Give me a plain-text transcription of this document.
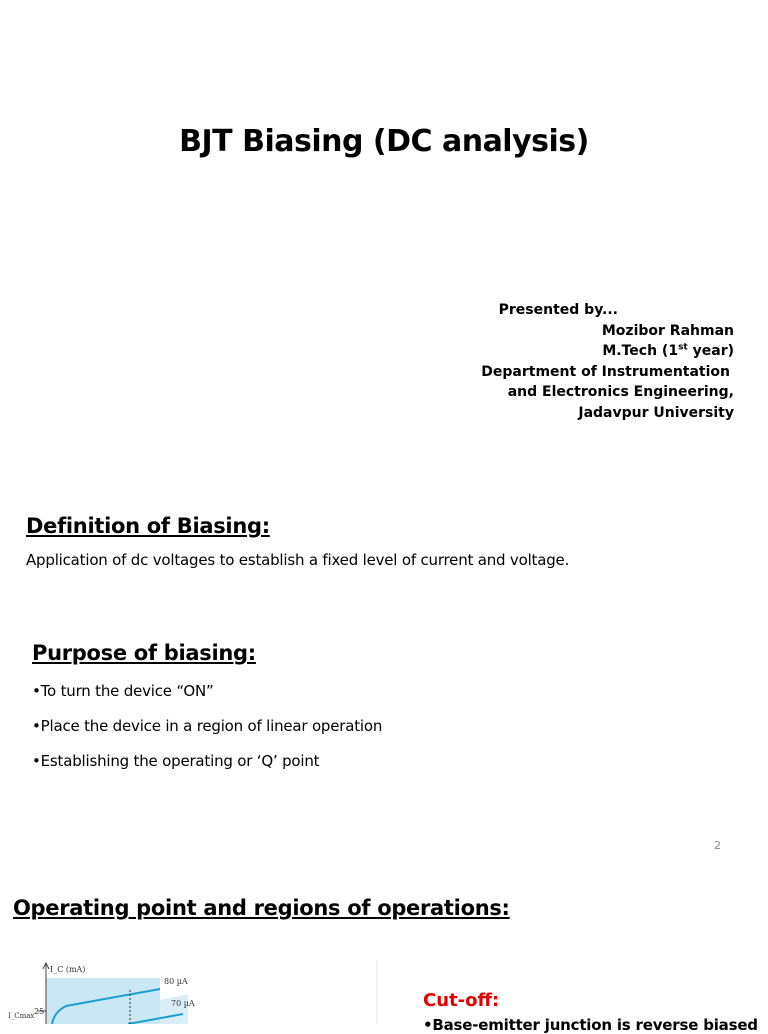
BJT Biasing (DC analysis)
Presented by...
Mozibor Rahman
M.Tech (1st year)
Department of Instrumentation
and Electronics Engineering,
Jadavpur University
Definition of Biasing:
Application of dc voltages to establish a fixed level of current and voltage.
Purpose of biasing:
•To turn the device “ON”
•Place the device in a region of linear operation
•Establishing the operating or ‘Q’ point
2
Operating point and regions of operations:
I_C (mA)
I_Cmax 25
80 µA
70 µA	Cut-off:
•Base-emitter junction is reverse biased
